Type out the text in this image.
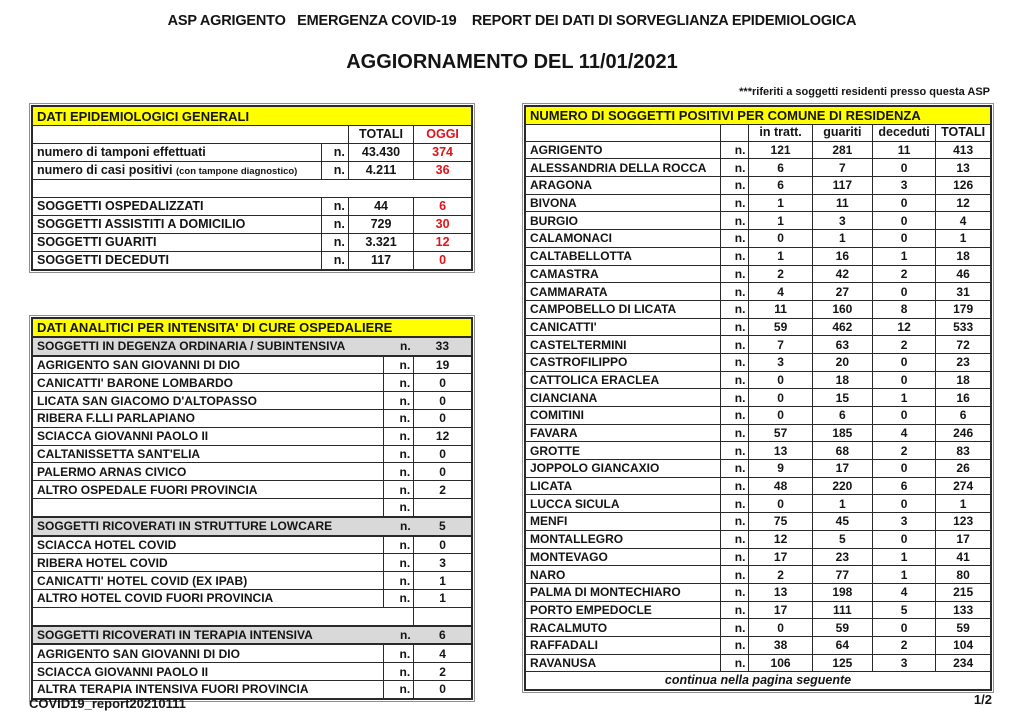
ASP AGRIGENTO   EMERGENZA COVID-19    REPORT DEI DATI DI SORVEGLIANZA EPIDEMIOLOGICA
AGGIORNAMENTO DEL 11/01/2021
***riferiti a soggetti residenti presso questa ASP
DATI EPIDEMIOLOGICI GENERALI			
		TOTALI	OGGI
numero di tamponi effettuati	n.	43.430	374
numero di casi positivi (con tampone diagnostico)	n.	4.211	36

SOGGETTI OSPEDALIZZATI	n.	44	6
SOGGETTI ASSISTITI A DOMICILIO	n.	729	30
SOGGETTI GUARITI	n.	3.321	12
SOGGETTI DECEDUTI	n.	117	0
DATI ANALITICI PER INTENSITA' DI CURE OSPEDALIERE		
SOGGETTI IN DEGENZA ORDINARIA / SUBINTENSIVA	n.	33
AGRIGENTO SAN GIOVANNI DI DIO	n.	19
CANICATTI' BARONE LOMBARDO	n.	0
LICATA SAN GIACOMO D'ALTOPASSO	n.	0
RIBERA F.LLI PARLAPIANO	n.	0
SCIACCA GIOVANNI PAOLO II	n.	12
CALTANISSETTA SANT'ELIA	n.	0
PALERMO ARNAS CIVICO	n.	0
ALTRO OSPEDALE FUORI PROVINCIA	n.	2
	n.	
SOGGETTI RICOVERATI IN STRUTTURE LOWCARE	n.	5
SCIACCA HOTEL COVID	n.	0
RIBERA HOTEL COVID	n.	3
CANICATTI' HOTEL COVID (EX IPAB)	n.	1
ALTRO HOTEL COVID FUORI PROVINCIA	n.	1

SOGGETTI RICOVERATI IN TERAPIA INTENSIVA	n.	6
AGRIGENTO SAN GIOVANNI DI DIO	n.	4
SCIACCA GIOVANNI PAOLO II	n.	2
ALTRA TERAPIA INTENSIVA FUORI PROVINCIA	n.	0
NUMERO DI SOGGETTI POSITIVI PER COMUNE DI RESIDENZA					
		in tratt.	guariti	deceduti	TOTALI
AGRIGENTO	n.	121	281	11	413
ALESSANDRIA DELLA ROCCA	n.	6	7	0	13
ARAGONA	n.	6	117	3	126
BIVONA	n.	1	11	0	12
BURGIO	n.	1	3	0	4
CALAMONACI	n.	0	1	0	1
CALTABELLOTTA	n.	1	16	1	18
CAMASTRA	n.	2	42	2	46
CAMMARATA	n.	4	27	0	31
CAMPOBELLO DI LICATA	n.	11	160	8	179
CANICATTI'	n.	59	462	12	533
CASTELTERMINI	n.	7	63	2	72
CASTROFILIPPO	n.	3	20	0	23
CATTOLICA ERACLEA	n.	0	18	0	18
CIANCIANA	n.	0	15	1	16
COMITINI	n.	0	6	0	6
FAVARA	n.	57	185	4	246
GROTTE	n.	13	68	2	83
JOPPOLO GIANCAXIO	n.	9	17	0	26
LICATA	n.	48	220	6	274
LUCCA SICULA	n.	0	1	0	1
MENFI	n.	75	45	3	123
MONTALLEGRO	n.	12	5	0	17
MONTEVAGO	n.	17	23	1	41
NARO	n.	2	77	1	80
PALMA DI MONTECHIARO	n.	13	198	4	215
PORTO EMPEDOCLE	n.	17	111	5	133
RACALMUTO	n.	0	59	0	59
RAFFADALI	n.	38	64	2	104
RAVANUSA	n.	106	125	3	234
continua nella pagina seguente					
COVID19_report20210111	1/2
